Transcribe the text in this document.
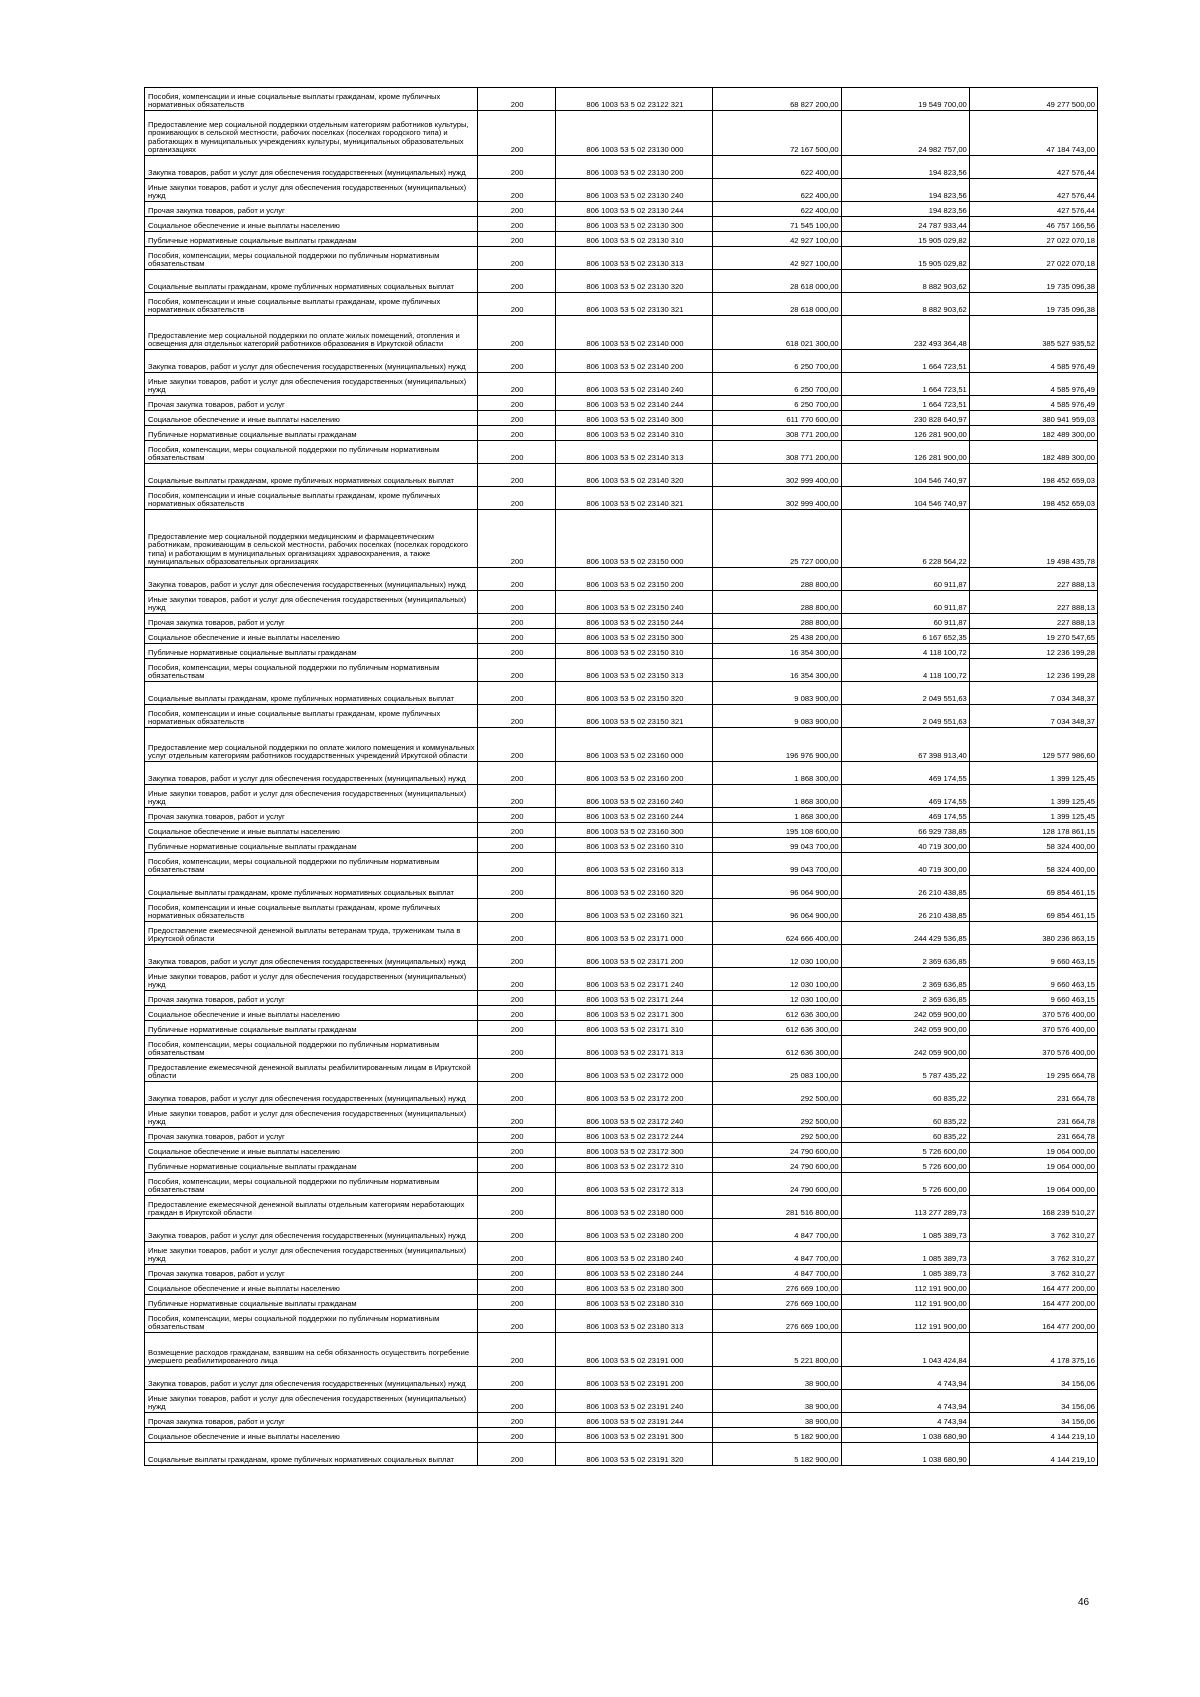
Пособия, компенсации и иные социальные выплаты гражданам, кроме публичных нормативных обязательств	200	806 1003 53 5 02 23122 321	68 827 200,00	19 549 700,00	49 277 500,00
Предоставление мер социальной поддержки отдельным категориям работников культуры, проживающих в сельской местности, рабочих поселках (поселках городского типа) и работающих в муниципальных учреждениях культуры, муниципальных образовательных организациях	200	806 1003 53 5 02 23130 000	72 167 500,00	24 982 757,00	47 184 743,00
Закупка товаров, работ и услуг для обеспечения государственных (муниципальных) нужд	200	806 1003 53 5 02 23130 200	622 400,00	194 823,56	427 576,44
Иные закупки товаров, работ и услуг для обеспечения государственных (муниципальных) нужд	200	806 1003 53 5 02 23130 240	622 400,00	194 823,56	427 576,44
Прочая закупка товаров, работ и услуг	200	806 1003 53 5 02 23130 244	622 400,00	194 823,56	427 576,44
Социальное обеспечение и иные выплаты населению	200	806 1003 53 5 02 23130 300	71 545 100,00	24 787 933,44	46 757 166,56
Публичные нормативные социальные выплаты гражданам	200	806 1003 53 5 02 23130 310	42 927 100,00	15 905 029,82	27 022 070,18
Пособия, компенсации, меры социальной поддержки по публичным нормативным обязательствам	200	806 1003 53 5 02 23130 313	42 927 100,00	15 905 029,82	27 022 070,18
Социальные выплаты гражданам, кроме публичных нормативных социальных выплат	200	806 1003 53 5 02 23130 320	28 618 000,00	8 882 903,62	19 735 096,38
Пособия, компенсации и иные социальные выплаты гражданам, кроме публичных нормативных обязательств	200	806 1003 53 5 02 23130 321	28 618 000,00	8 882 903,62	19 735 096,38
Предоставление мер социальной поддержки по оплате жилых помещений, отопления и освещения для отдельных категорий работников образования в Иркутской области	200	806 1003 53 5 02 23140 000	618 021 300,00	232 493 364,48	385 527 935,52
Закупка товаров, работ и услуг для обеспечения государственных (муниципальных) нужд	200	806 1003 53 5 02 23140 200	6 250 700,00	1 664 723,51	4 585 976,49
Иные закупки товаров, работ и услуг для обеспечения государственных (муниципальных) нужд	200	806 1003 53 5 02 23140 240	6 250 700,00	1 664 723,51	4 585 976,49
Прочая закупка товаров, работ и услуг	200	806 1003 53 5 02 23140 244	6 250 700,00	1 664 723,51	4 585 976,49
Социальное обеспечение и иные выплаты населению	200	806 1003 53 5 02 23140 300	611 770 600,00	230 828 640,97	380 941 959,03
Публичные нормативные социальные выплаты гражданам	200	806 1003 53 5 02 23140 310	308 771 200,00	126 281 900,00	182 489 300,00
Пособия, компенсации, меры социальной поддержки по публичным нормативным обязательствам	200	806 1003 53 5 02 23140 313	308 771 200,00	126 281 900,00	182 489 300,00
Социальные выплаты гражданам, кроме публичных нормативных социальных выплат	200	806 1003 53 5 02 23140 320	302 999 400,00	104 546 740,97	198 452 659,03
Пособия, компенсации и иные социальные выплаты гражданам, кроме публичных нормативных обязательств	200	806 1003 53 5 02 23140 321	302 999 400,00	104 546 740,97	198 452 659,03
Предоставление мер социальной поддержки медицинским и фармацевтическим работникам, проживающим в сельской местности, рабочих поселках (поселках городского типа) и работающим в муниципальных организациях здравоохранения, а также муниципальных образовательных организациях	200	806 1003 53 5 02 23150 000	25 727 000,00	6 228 564,22	19 498 435,78
Закупка товаров, работ и услуг для обеспечения государственных (муниципальных) нужд	200	806 1003 53 5 02 23150 200	288 800,00	60 911,87	227 888,13
Иные закупки товаров, работ и услуг для обеспечения государственных (муниципальных) нужд	200	806 1003 53 5 02 23150 240	288 800,00	60 911,87	227 888,13
Прочая закупка товаров, работ и услуг	200	806 1003 53 5 02 23150 244	288 800,00	60 911,87	227 888,13
Социальное обеспечение и иные выплаты населению	200	806 1003 53 5 02 23150 300	25 438 200,00	6 167 652,35	19 270 547,65
Публичные нормативные социальные выплаты гражданам	200	806 1003 53 5 02 23150 310	16 354 300,00	4 118 100,72	12 236 199,28
Пособия, компенсации, меры социальной поддержки по публичным нормативным обязательствам	200	806 1003 53 5 02 23150 313	16 354 300,00	4 118 100,72	12 236 199,28
Социальные выплаты гражданам, кроме публичных нормативных социальных выплат	200	806 1003 53 5 02 23150 320	9 083 900,00	2 049 551,63	7 034 348,37
Пособия, компенсации и иные социальные выплаты гражданам, кроме публичных нормативных обязательств	200	806 1003 53 5 02 23150 321	9 083 900,00	2 049 551,63	7 034 348,37
Предоставление мер социальной поддержки по оплате жилого помещения и коммунальных услуг отдельным категориям работников государственных учреждений Иркутской области	200	806 1003 53 5 02 23160 000	196 976 900,00	67 398 913,40	129 577 986,60
Закупка товаров, работ и услуг для обеспечения государственных (муниципальных) нужд	200	806 1003 53 5 02 23160 200	1 868 300,00	469 174,55	1 399 125,45
Иные закупки товаров, работ и услуг для обеспечения государственных (муниципальных) нужд	200	806 1003 53 5 02 23160 240	1 868 300,00	469 174,55	1 399 125,45
Прочая закупка товаров, работ и услуг	200	806 1003 53 5 02 23160 244	1 868 300,00	469 174,55	1 399 125,45
Социальное обеспечение и иные выплаты населению	200	806 1003 53 5 02 23160 300	195 108 600,00	66 929 738,85	128 178 861,15
Публичные нормативные социальные выплаты гражданам	200	806 1003 53 5 02 23160 310	99 043 700,00	40 719 300,00	58 324 400,00
Пособия, компенсации, меры социальной поддержки по публичным нормативным обязательствам	200	806 1003 53 5 02 23160 313	99 043 700,00	40 719 300,00	58 324 400,00
Социальные выплаты гражданам, кроме публичных нормативных социальных выплат	200	806 1003 53 5 02 23160 320	96 064 900,00	26 210 438,85	69 854 461,15
Пособия, компенсации и иные социальные выплаты гражданам, кроме публичных нормативных обязательств	200	806 1003 53 5 02 23160 321	96 064 900,00	26 210 438,85	69 854 461,15
Предоставление ежемесячной денежной выплаты ветеранам труда, труженикам тыла в Иркутской области	200	806 1003 53 5 02 23171 000	624 666 400,00	244 429 536,85	380 236 863,15
Закупка товаров, работ и услуг для обеспечения государственных (муниципальных) нужд	200	806 1003 53 5 02 23171 200	12 030 100,00	2 369 636,85	9 660 463,15
Иные закупки товаров, работ и услуг для обеспечения государственных (муниципальных) нужд	200	806 1003 53 5 02 23171 240	12 030 100,00	2 369 636,85	9 660 463,15
Прочая закупка товаров, работ и услуг	200	806 1003 53 5 02 23171 244	12 030 100,00	2 369 636,85	9 660 463,15
Социальное обеспечение и иные выплаты населению	200	806 1003 53 5 02 23171 300	612 636 300,00	242 059 900,00	370 576 400,00
Публичные нормативные социальные выплаты гражданам	200	806 1003 53 5 02 23171 310	612 636 300,00	242 059 900,00	370 576 400,00
Пособия, компенсации, меры социальной поддержки по публичным нормативным обязательствам	200	806 1003 53 5 02 23171 313	612 636 300,00	242 059 900,00	370 576 400,00
Предоставление ежемесячной денежной выплаты реабилитированным лицам в Иркутской области	200	806 1003 53 5 02 23172 000	25 083 100,00	5 787 435,22	19 295 664,78
Закупка товаров, работ и услуг для обеспечения государственных (муниципальных) нужд	200	806 1003 53 5 02 23172 200	292 500,00	60 835,22	231 664,78
Иные закупки товаров, работ и услуг для обеспечения государственных (муниципальных) нужд	200	806 1003 53 5 02 23172 240	292 500,00	60 835,22	231 664,78
Прочая закупка товаров, работ и услуг	200	806 1003 53 5 02 23172 244	292 500,00	60 835,22	231 664,78
Социальное обеспечение и иные выплаты населению	200	806 1003 53 5 02 23172 300	24 790 600,00	5 726 600,00	19 064 000,00
Публичные нормативные социальные выплаты гражданам	200	806 1003 53 5 02 23172 310	24 790 600,00	5 726 600,00	19 064 000,00
Пособия, компенсации, меры социальной поддержки по публичным нормативным обязательствам	200	806 1003 53 5 02 23172 313	24 790 600,00	5 726 600,00	19 064 000,00
Предоставление ежемесячной денежной выплаты отдельным категориям неработающих граждан в Иркутской области	200	806 1003 53 5 02 23180 000	281 516 800,00	113 277 289,73	168 239 510,27
Закупка товаров, работ и услуг для обеспечения государственных (муниципальных) нужд	200	806 1003 53 5 02 23180 200	4 847 700,00	1 085 389,73	3 762 310,27
Иные закупки товаров, работ и услуг для обеспечения государственных (муниципальных) нужд	200	806 1003 53 5 02 23180 240	4 847 700,00	1 085 389,73	3 762 310,27
Прочая закупка товаров, работ и услуг	200	806 1003 53 5 02 23180 244	4 847 700,00	1 085 389,73	3 762 310,27
Социальное обеспечение и иные выплаты населению	200	806 1003 53 5 02 23180 300	276 669 100,00	112 191 900,00	164 477 200,00
Публичные нормативные социальные выплаты гражданам	200	806 1003 53 5 02 23180 310	276 669 100,00	112 191 900,00	164 477 200,00
Пособия, компенсации, меры социальной поддержки по публичным нормативным обязательствам	200	806 1003 53 5 02 23180 313	276 669 100,00	112 191 900,00	164 477 200,00
Возмещение расходов гражданам, взявшим на себя обязанность осуществить погребение умершего реабилитированного лица	200	806 1003 53 5 02 23191 000	5 221 800,00	1 043 424,84	4 178 375,16
Закупка товаров, работ и услуг для обеспечения государственных (муниципальных) нужд	200	806 1003 53 5 02 23191 200	38 900,00	4 743,94	34 156,06
Иные закупки товаров, работ и услуг для обеспечения государственных (муниципальных) нужд	200	806 1003 53 5 02 23191 240	38 900,00	4 743,94	34 156,06
Прочая закупка товаров, работ и услуг	200	806 1003 53 5 02 23191 244	38 900,00	4 743,94	34 156,06
Социальное обеспечение и иные выплаты населению	200	806 1003 53 5 02 23191 300	5 182 900,00	1 038 680,90	4 144 219,10
Социальные выплаты гражданам, кроме публичных нормативных социальных выплат	200	806 1003 53 5 02 23191 320	5 182 900,00	1 038 680,90	4 144 219,10
46
